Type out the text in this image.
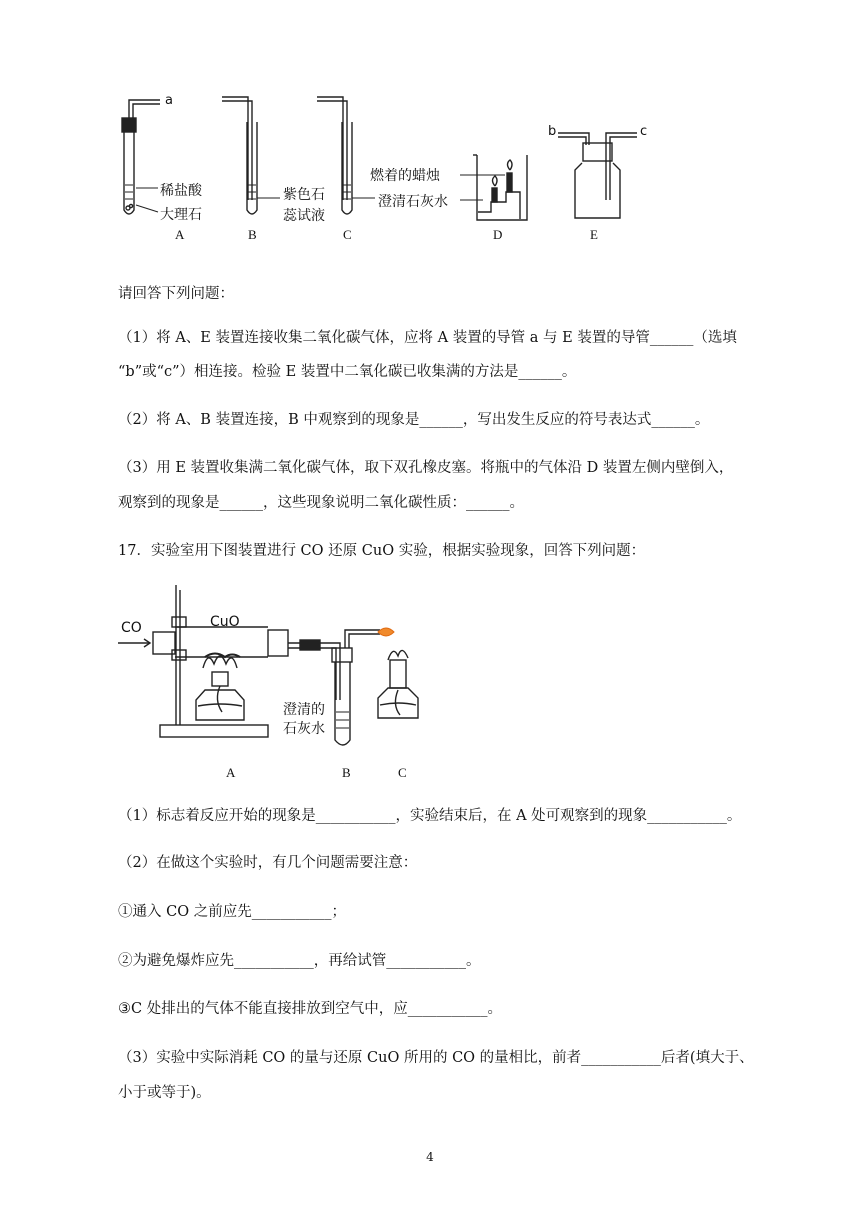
a
b	c
稀盐酸
大理石
紫色石
蕊试液
燃着的蜡烛
澄清石灰水
A	B	C	D	E
请回答下列问题：
（1）将 A、E 装置连接收集二氧化碳气体，应将 A 装置的导管 a 与 E 装置的导管______（选填
“b”或“c”）相连接。检验 E 装置中二氧化碳已收集满的方法是______。
（2）将 A、B 装置连接，B 中观察到的现象是______，写出发生反应的符号表达式______。
（3）用 E 装置收集满二氧化碳气体，取下双孔橡皮塞。将瓶中的气体沿 D 装置左侧内壁倒入，
观察到的现象是______，这些现象说明二氧化碳性质：______。
17．实验室用下图装置进行 CO 还原 CuO 实验，根据实验现象，回答下列问题：
CO	CuO
澄清的
石灰水
A	B	C
（1）标志着反应开始的现象是___________，实验结束后，在 A 处可观察到的现象___________。
（2）在做这个实验时，有几个问题需要注意：
①通入 CO 之前应先___________；
②为避免爆炸应先___________，再给试管___________。
③C 处排出的气体不能直接排放到空气中，应___________。
（3）实验中实际消耗 CO 的量与还原 CuO 所用的 CO 的量相比，前者___________后者(填大于、
小于或等于)。
4
